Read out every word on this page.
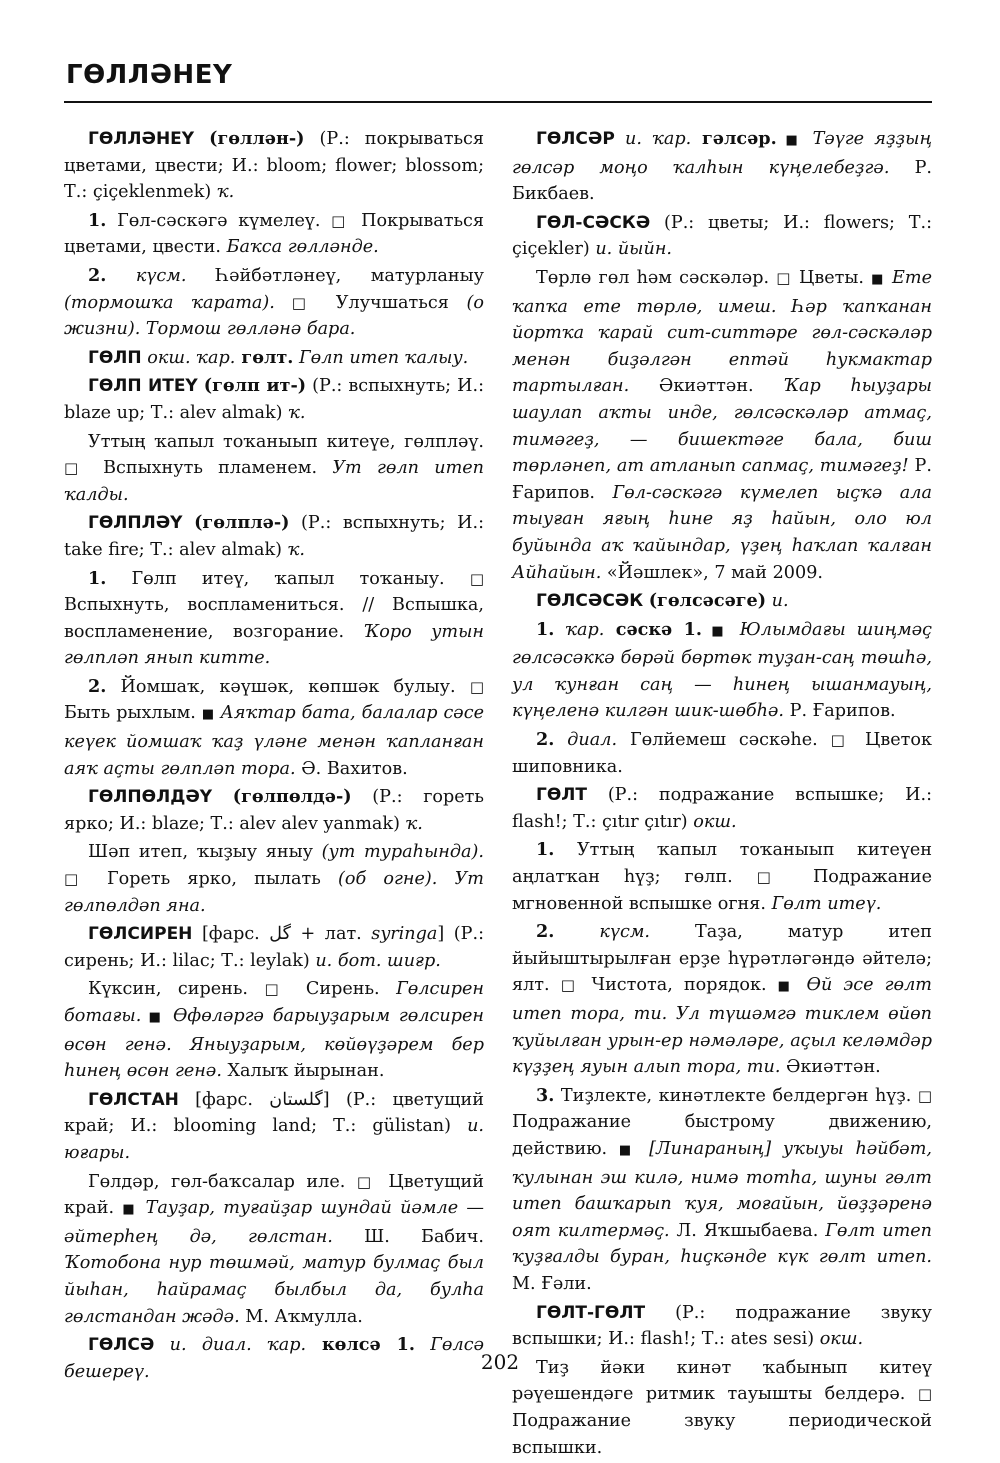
ГӨЛЛӘНЕҮ

ГӨЛЛӘНЕҮ (гөллән-) (Р.: покрываться цветами, цвести; И.: bloom; flower; blossom; Т.: çiçeklenmek) ҡ.

1. Гөл-сәскәгә күмелеү. □ Покрываться цветами, цвести. Баҡса гөлләнде.

2. күсм. Һәйбәтләнеү, матурланыу (тормошҡа ҡарата). □ Улучшаться (о жизни). Тормош гөлләнә бара.

ГӨЛП окш. ҡар. гөлт. Гөлп итеп ҡалыу.

ГӨЛП ИТЕҮ (гөлп ит-) (Р.: вспыхнуть; И.: blaze up; Т.: alev almak) ҡ.

Уттың ҡапыл тоҡаныып китеүе, гөлпләү. □ Вспыхнуть пламенем. Ут гөлп итеп ҡалды.

ГӨЛПЛӘҮ (гөлплә-) (Р.: вспыхнуть; И.: take fire; Т.: alev almak) ҡ.

1. Гөлп итеү, ҡапыл тоҡаныу. □ Вспыхнуть, воспламениться. // Вспышка, воспламенение, возгорание. Ҡоро утын гөлпләп янып китте.

2. Йомшаҡ, кәүшәк, көпшәк булыу. □ Быть рыхлым. ■ Аяҡтар бата, балалар сәсе кеүек йомшаҡ ҡаҙ үләне менән ҡапланған аяҡ аҫты гөлпләп тора. Ә. Вахитов.

ГӨЛПӨЛДӘҮ (гөлпөлдә-) (Р.: гореть ярко; И.: blaze; Т.: alev alev yanmak) ҡ.

Шәп итеп, ҡыҙыу яныу (ут тураһында). □ Гореть ярко, пылать (об огне). Ут гөлпөлдәп яна.

ГӨЛСИРЕН [фарс. گل + лат. syringa] (Р.: сирень; И.: lilac; Т.: leylak) и. бот. шиғр.

Күксин, сирень. □ Сирень. Гөлсирен ботағы. ■ Өфөләргә барыуҙарым гөлсирен өсөн генә. Яныуҙарым, көйөүҙәрем бер һинең өсөн генә. Халыҡ йырынан.

ГӨЛСТАН [фарс. گلستان] (Р.: цветущий край; И.: blooming land; Т.: gülistan) и. юғары.

Гөлдәр, гөл-баҡсалар иле. □ Цветущий край. ■ Тауҙар, туғайҙар шундай йәмле — әйтерһең дә, гөлстан. Ш. Бабич. Ҡотобона нур төшмәй, матур булмаҫ был йыһан, һайрамаҫ былбыл да, булһа гөлстандан жәдә. М. Аҡмулла.

ГӨЛСӘ и. диал. ҡар. көлсә 1. Гөлсә бешереү.

ГӨЛСӘР и. ҡар. гәлсәр. ■ Тәүге яҙҙың гөлсәр моңо ҡалһын күңелебеҙгә. Р. Бикбаев.

ГӨЛ-СӘСКӘ (Р.: цветы; И.: flowers; Т.: çiçekler) и. йыйн.

Төрлө гөл һәм сәскәләр. □ Цветы. ■ Ете ҡапҡа ете төрлө, имеш. Һәр ҡапҡанан йортҡа ҡарай сит-ситтәре гөл-сәскәләр менән биҙәлгән ептәй һукмактар тартылған. Әкиәттән. Ҡар һыуҙары шаулап аҡты инде, гөлсәскәләр атмаҫ, тимәгеҙ, — бишектәге бала, биш төрләнеп, ат атланып сапмаҫ, тимәгеҙ! Р. Ғарипов. Гөл-сәскәгә күмелеп ыҫҡә ала тыуған яғың һине яҙ һайын, оло юл буйында аҡ ҡайындар, үҙең һаҡлап ҡалған Айһайын. «Йәшлек», 7 май 2009.

ГӨЛСӘСӘК (гөлсәсәге) и.

1. ҡар. сәскә 1. ■ Юлымдағы шиңмәҫ гөлсәсәккә бөрәй бөртөк туҙан-саң төшһә, ул ҡунған саң — һинең ышанмауың, күңеленә килгән шик-шөбһә. Р. Ғарипов.

2. диал. Гөлйемеш сәскәһе. □ Цветок шиповника.

ГӨЛТ (Р.: подражание вспышке; И.: flash!; Т.: çıtır çıtır) окш.

1. Уттың ҡапыл тоҡаныып китеүен аңлатҡан һүҙ; гөлп. □ Подражание мгновенной вспышке огня. Гөлт итеү.

2. күсм. Таҙа, матур итеп йыйыштырылған ерҙе һүрәтләгәндә әйтелә; ялт. □ Чистота, порядок. ■ Өй эсе гөлт итеп тора, ти. Ул түшәмгә тиклем өйөп ҡуйылған урын-ер нәмәләре, аҫыл келәмдәр күҙҙең яуын алып тора, ти. Әкиәттән.

3. Тиҙлекте, кинәтлекте белдергән һүҙ. □ Подражание быстрому движению, действию. ■ [Линараның] уҡыуы һәйбәт, ҡулынан эш килә, нимә тотһа, шуны гөлт итеп башҡарып ҡуя, моғайын, йөҙҙәренә оят килтермәҫ. Л. Яҡшыбаева. Гөлт итеп ҡуҙғалды буран, һиҫкәнде күк гөлт итеп. М. Ғәли.

ГӨЛТ-ГӨЛТ (Р.: подражание звуку вспышки; И.: flash!; Т.: ates sesi) окш.

Тиҙ йәки кинәт ҡабынып китеү рәүешендәге ритмик тауышты белдерә. □ Подражание звуку периодической вспышки.

202
